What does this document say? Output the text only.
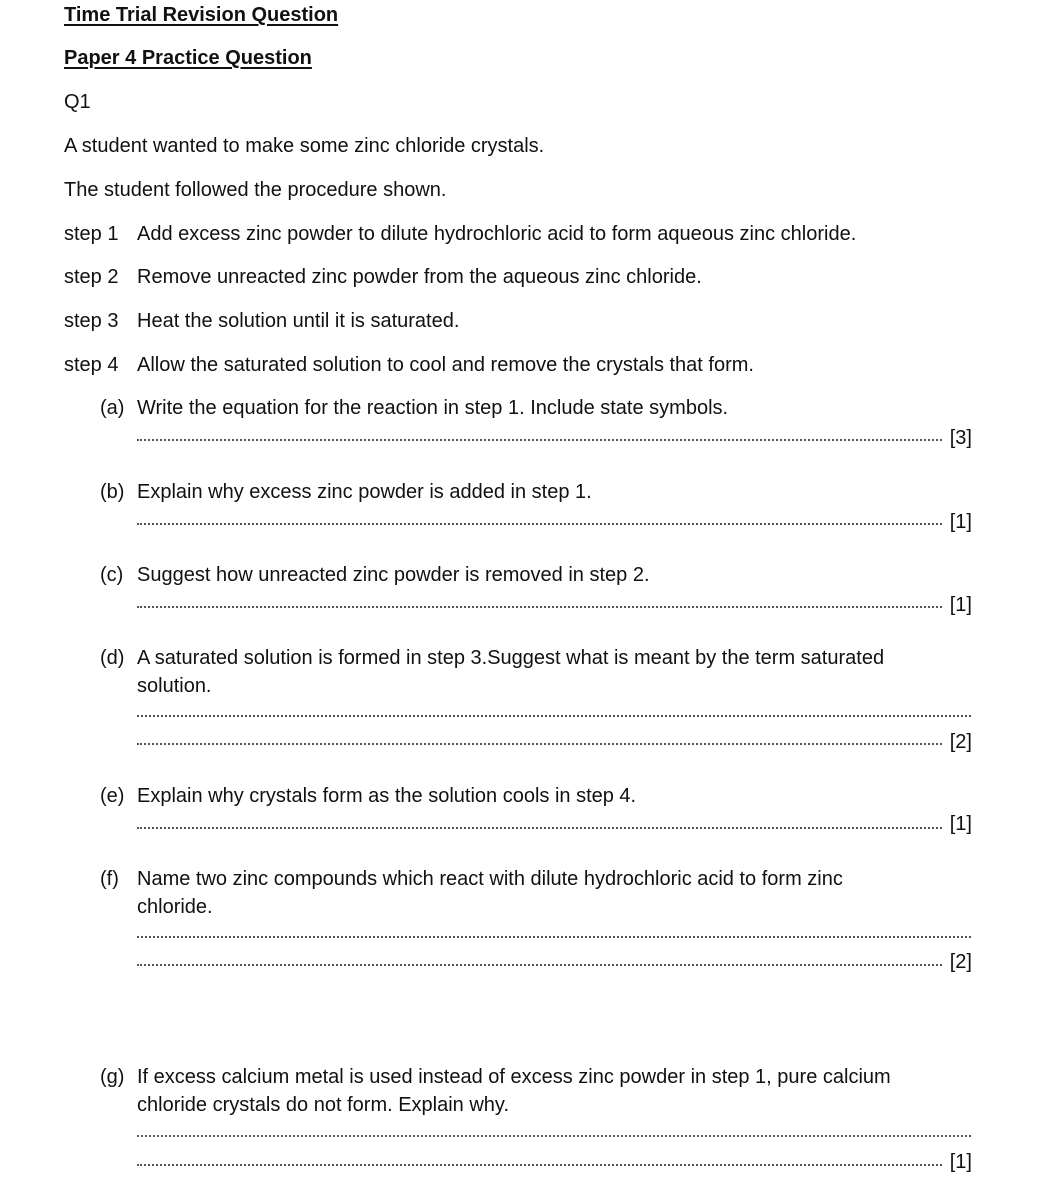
Time Trial Revision Question
Paper 4 Practice Question
Q1
A student wanted to make some zinc chloride crystals.
The student followed the procedure shown.
step 1 Add excess zinc powder to dilute hydrochloric acid to form aqueous zinc chloride.
step 2 Remove unreacted zinc powder from the aqueous zinc chloride.
step 3 Heat the solution until it is saturated.
step 4 Allow the saturated solution to cool and remove the crystals that form.
(a) Write the equation for the reaction in step 1. Include state symbols.
[3]
(b) Explain why excess zinc powder is added in step 1.
[1]
(c) Suggest how unreacted zinc powder is removed in step 2.
[1]
(d) A saturated solution is formed in step 3.Suggest what is meant by the term saturated
solution.
[2]
(e) Explain why crystals form as the solution cools in step 4.
[1]
(f) Name two zinc compounds which react with dilute hydrochloric acid to form zinc
chloride.
[2]
(g) If excess calcium metal is used instead of excess zinc powder in step 1, pure calcium
chloride crystals do not form. Explain why.
[1]
